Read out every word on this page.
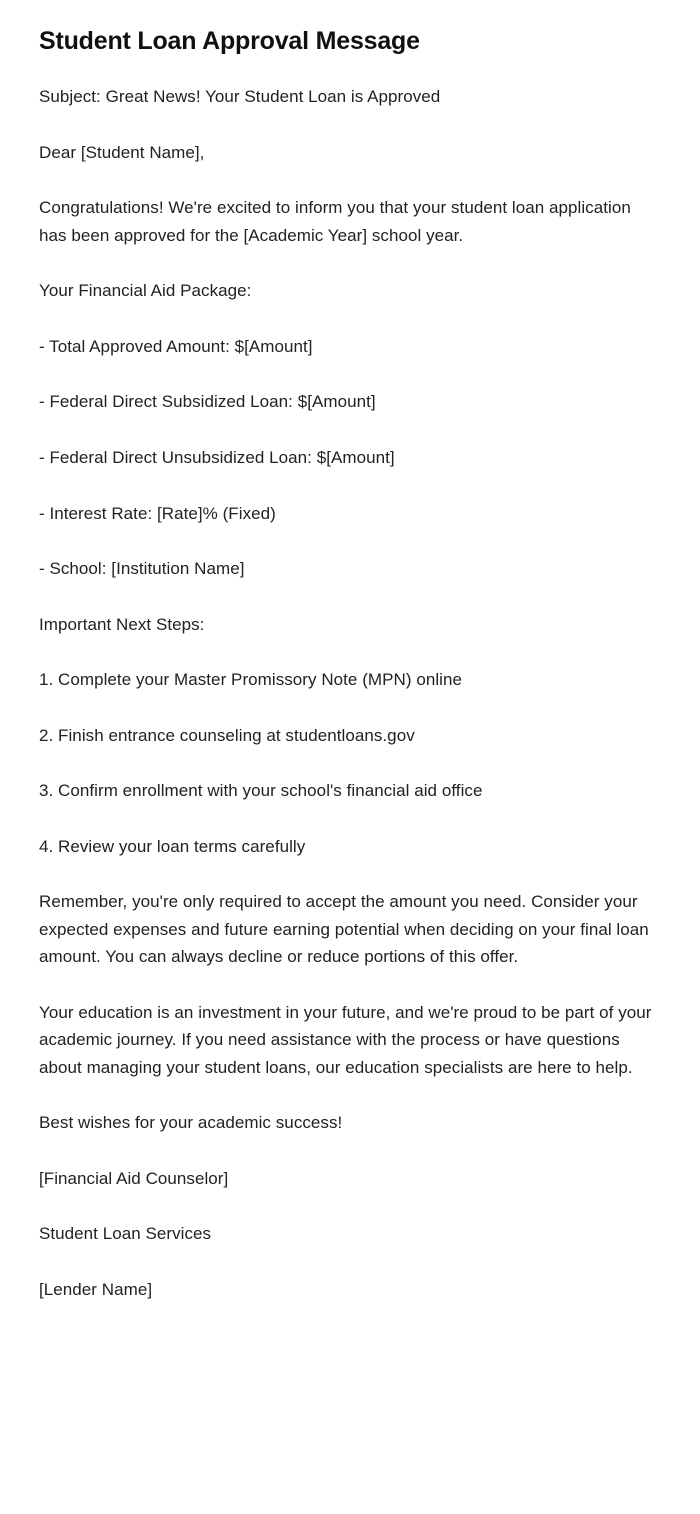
Student Loan Approval Message

Subject: Great News! Your Student Loan is Approved

Dear [Student Name],

Congratulations! We're excited to inform you that your student loan application has been approved for the [Academic Year] school year.

Your Financial Aid Package:

- Total Approved Amount: $[Amount]

- Federal Direct Subsidized Loan: $[Amount]

- Federal Direct Unsubsidized Loan: $[Amount]

- Interest Rate: [Rate]% (Fixed)

- School: [Institution Name]

Important Next Steps:

1. Complete your Master Promissory Note (MPN) online

2. Finish entrance counseling at studentloans.gov

3. Confirm enrollment with your school's financial aid office

4. Review your loan terms carefully

Remember, you're only required to accept the amount you need. Consider your expected expenses and future earning potential when deciding on your final loan amount. You can always decline or reduce portions of this offer.

Your education is an investment in your future, and we're proud to be part of your academic journey. If you need assistance with the process or have questions about managing your student loans, our education specialists are here to help.

Best wishes for your academic success!

[Financial Aid Counselor]

Student Loan Services

[Lender Name]
